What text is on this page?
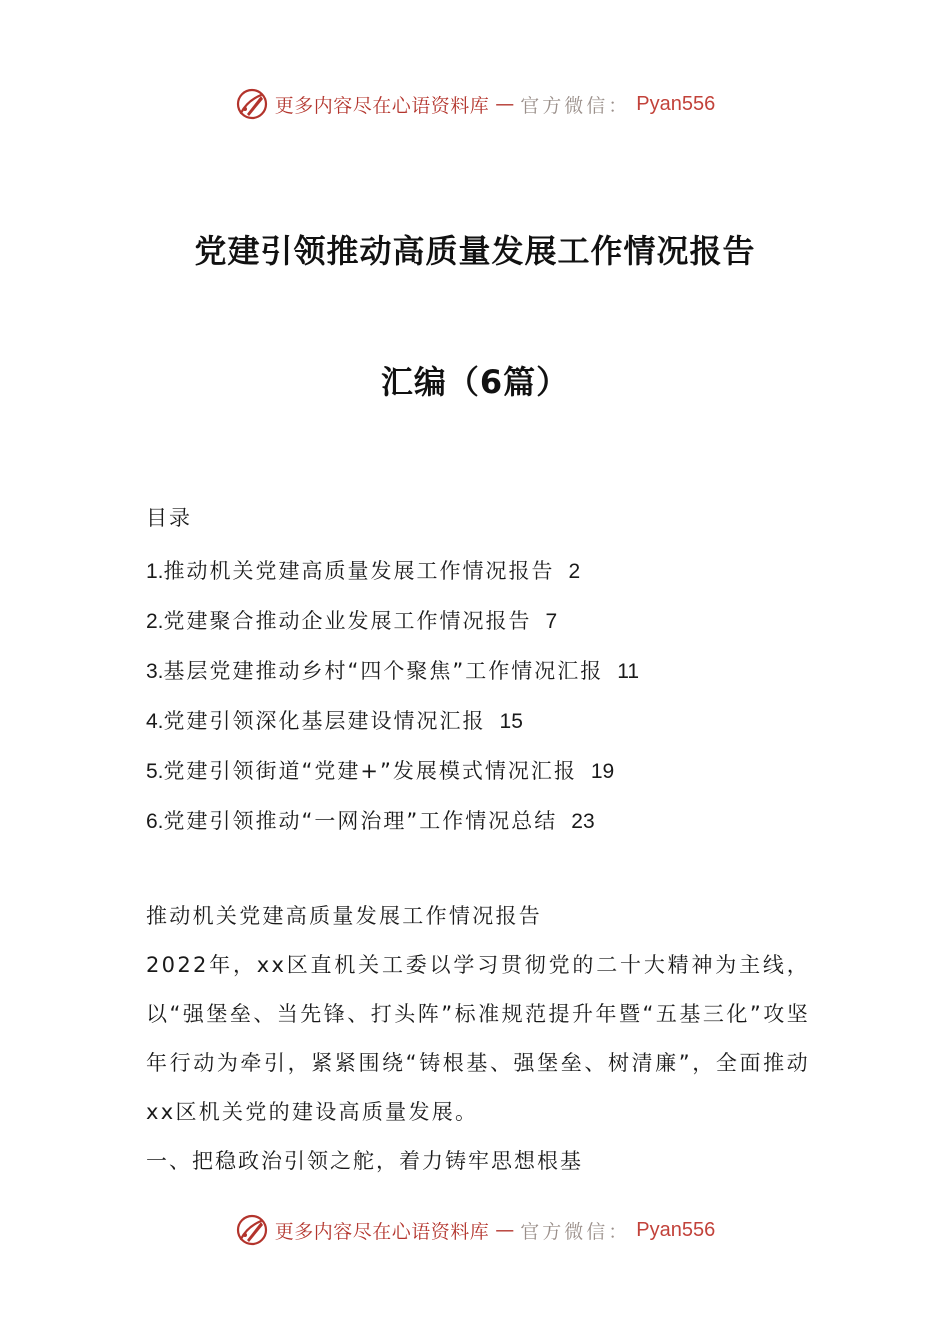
更多内容尽在心语资料库 — 官方微信： Pyan556
党建引领推动高质量发展工作情况报告
汇编（6篇）
目录
1.推动机关党建高质量发展工作情况报告 2
2.党建聚合推动企业发展工作情况报告 7
3.基层党建推动乡村“四个聚焦”工作情况汇报 11
4.党建引领深化基层建设情况汇报 15
5.党建引领街道“党建+”发展模式情况汇报 19
6.党建引领推动“一网治理”工作情况总结 23

推动机关党建高质量发展工作情况报告

2022年，xx区直机关工委以学习贯彻党的二十大精神为主线，以“强堡垒、当先锋、打头阵”标准规范提升年暨“五基三化”攻坚年行动为牵引，紧紧围绕“铸根基、强堡垒、树清廉”，全面推动xx区机关党的建设高质量发展。

一、把稳政治引领之舵，着力铸牢思想根基

更多内容尽在心语资料库 — 官方微信： Pyan556
